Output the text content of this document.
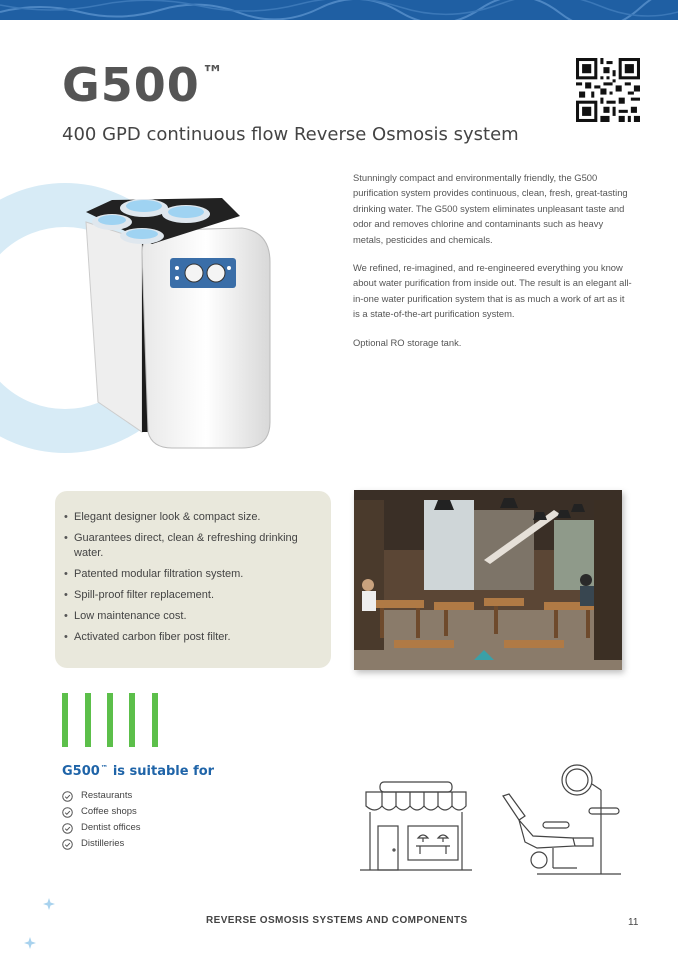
G500™
400 GPD continuous flow Reverse Osmosis system

Stunningly compact and environmentally friendly, the G500 purification system provides continuous, clean, fresh, great-tasting drinking water. The G500 system eliminates unpleasant taste and odor and removes chlorine and contaminants such as heavy metals, pesticides and chemicals.

We refined, re-imagined, and re-engineered everything you know about water purification from inside out. The result is an elegant all-in-one water purification system that is as much a work of art as it is a state-of-the-art purification system.

Optional RO storage tank.

• Elegant designer look & compact size.
• Guarantees direct, clean & refreshing drinking water.
• Patented modular filtration system.
• Spill-proof filter replacement.
• Low maintenance cost.
• Activated carbon fiber post filter.
G500™ is suitable for
Restaurants
Coffee shops
Dentist offices
Distilleries
REVERSE OSMOSIS SYSTEMS AND COMPONENTS	11
